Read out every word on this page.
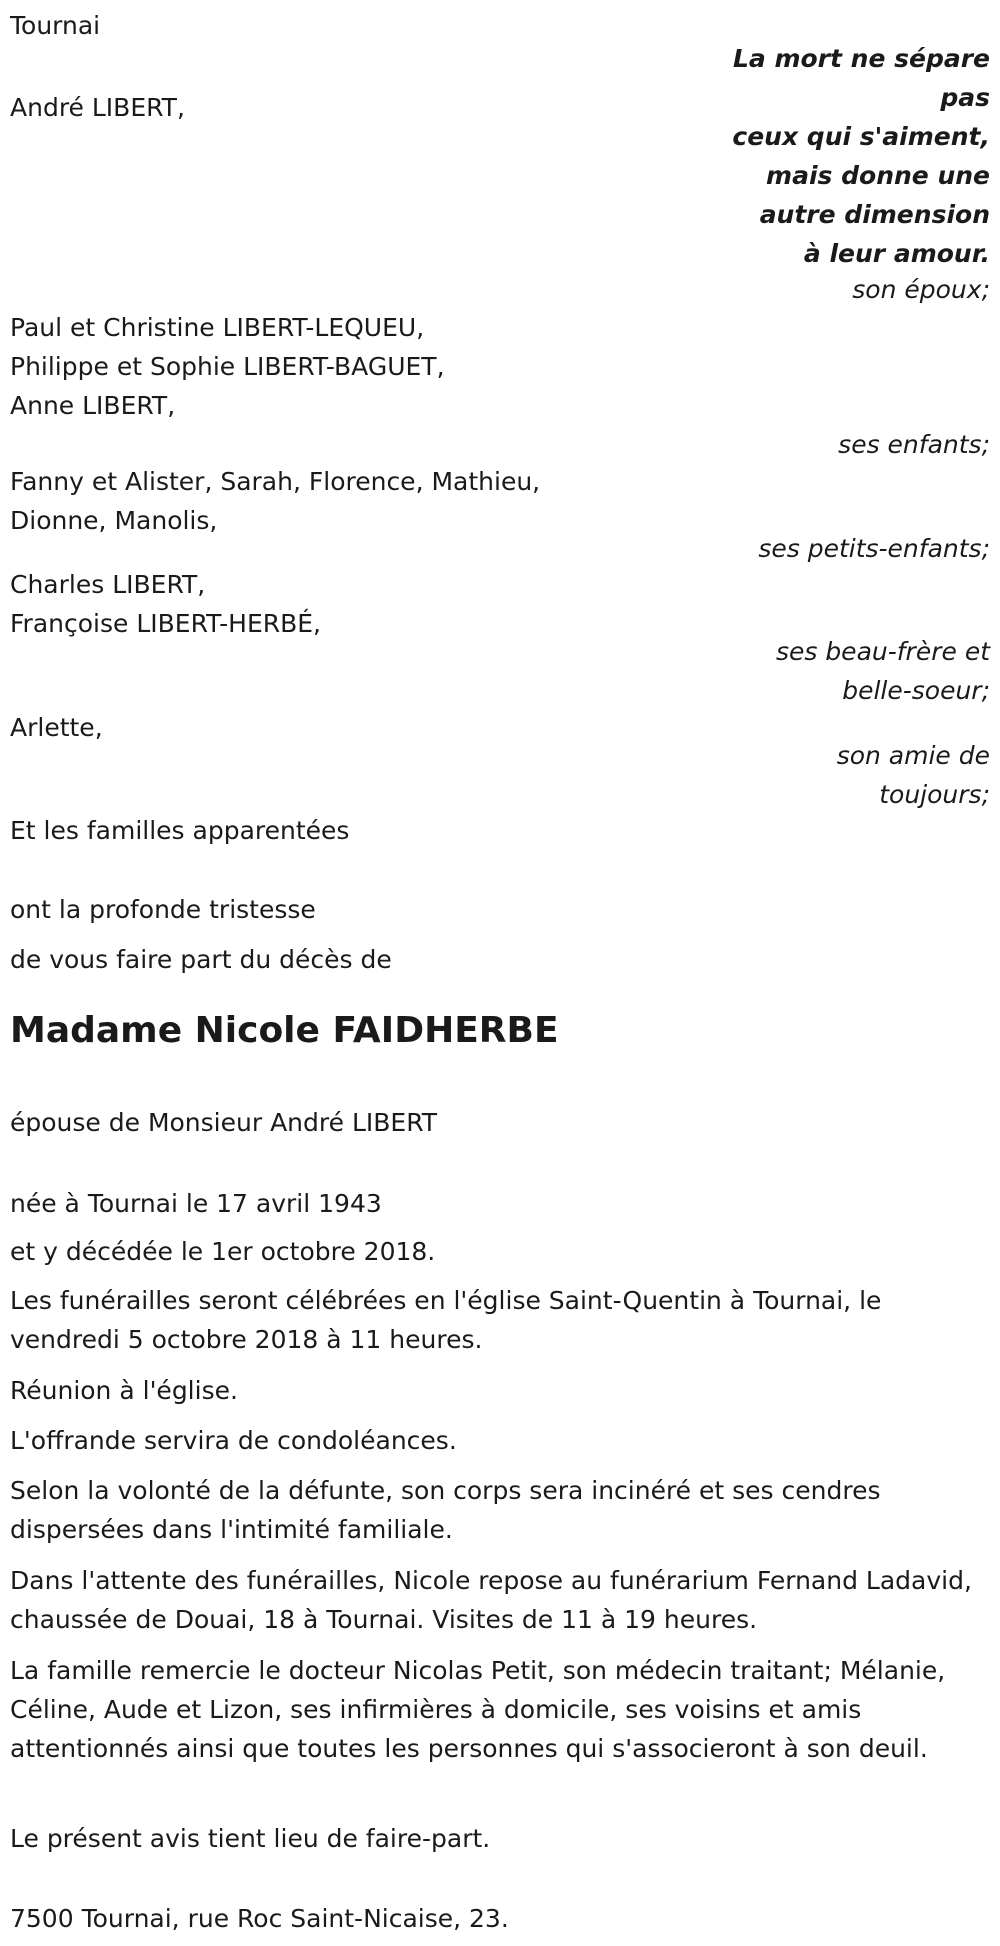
Tournai
La mort ne sépare
pas
ceux qui s'aiment,
mais donne une
autre dimension
à leur amour.
André LIBERT,
son époux;
Paul et Christine LIBERT-LEQUEU,
Philippe et Sophie LIBERT-BAGUET,
Anne LIBERT,
ses enfants;
Fanny et Alister, Sarah, Florence, Mathieu,
Dionne, Manolis,
ses petits-enfants;
Charles LIBERT,
Françoise LIBERT-HERBÉ,
ses beau-frère et
belle-soeur;
Arlette,
son amie de
toujours;
Et les familles apparentées
ont la profonde tristesse
de vous faire part du décès de
Madame Nicole FAIDHERBE
épouse de Monsieur André LIBERT
née à Tournai le 17 avril 1943
et y décédée le 1er octobre 2018.
Les funérailles seront célébrées en l'église Saint-Quentin à Tournai, le vendredi 5 octobre 2018 à 11 heures.
Réunion à l'église.
L'offrande servira de condoléances.
Selon la volonté de la défunte, son corps sera incinéré et ses cendres dispersées dans l'intimité familiale.
Dans l'attente des funérailles, Nicole repose au funérarium Fernand Ladavid, chaussée de Douai, 18 à Tournai. Visites de 11 à 19 heures.
La famille remercie le docteur Nicolas Petit, son médecin traitant; Mélanie, Céline, Aude et Lizon, ses infirmières à domicile, ses voisins et amis attentionnés ainsi que toutes les personnes qui s'associeront à son deuil.
Le présent avis tient lieu de faire-part.
7500 Tournai, rue Roc Saint-Nicaise, 23.
